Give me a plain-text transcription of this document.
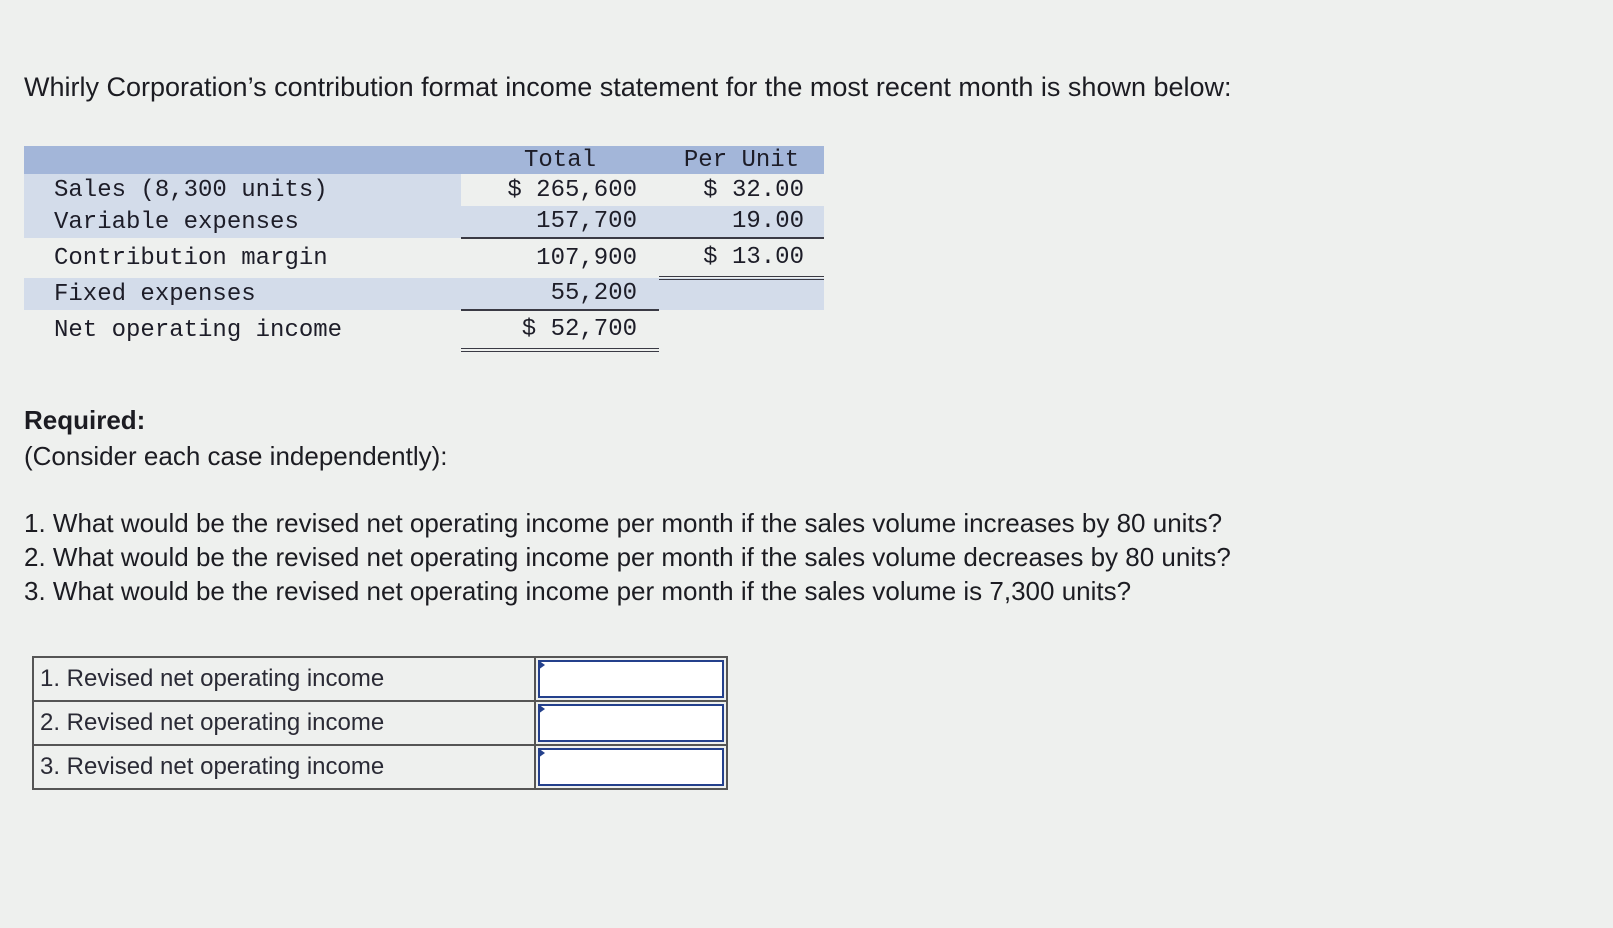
Whirly Corporation’s contribution format income statement for the most recent month is shown below:

	Total	Per Unit
Sales (8,300 units)	$ 265,600	$ 32.00
Variable expenses	157,700	19.00
Contribution margin	107,900	$ 13.00
Fixed expenses	55,200	
Net operating income	$ 52,700	
Required:
(Consider each case independently):
1. What would be the revised net operating income per month if the sales volume increases by 80 units?
2. What would be the revised net operating income per month if the sales volume decreases by 80 units?
3. What would be the revised net operating income per month if the sales volume is 7,300 units?
1. Revised net operating income	

2. Revised net operating income	

3. Revised net operating income	
